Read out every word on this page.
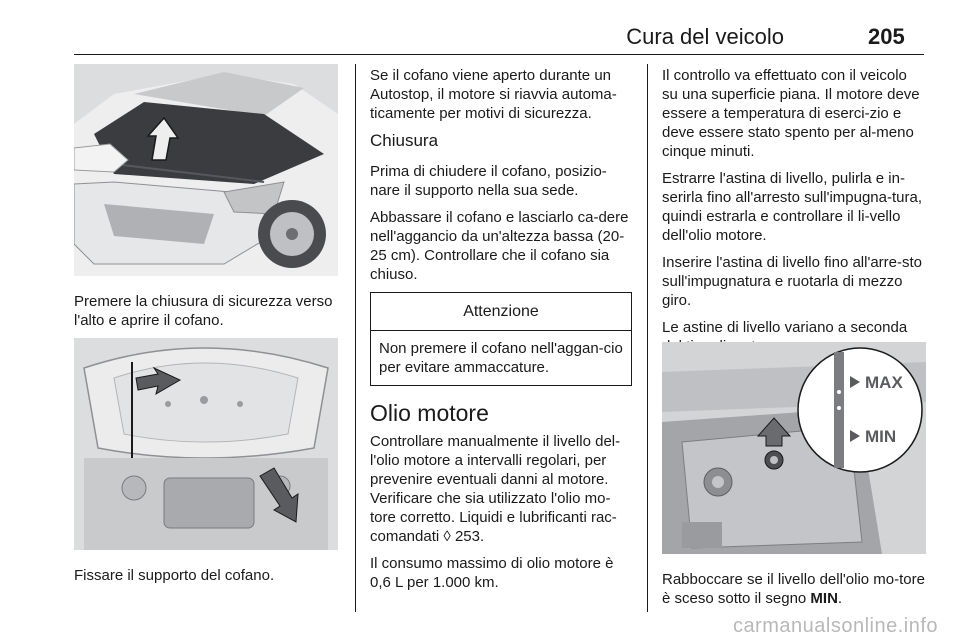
Cura del veicolo	205

Premere la chiusura di sicurezza verso l'alto e aprire il cofano.

Fissare il supporto del cofano.

Se il cofano viene aperto durante un Autostop, il motore si riavvia automa-ticamente per motivi di sicurezza.

Chiusura

Prima di chiudere il cofano, posizio-nare il supporto nella sua sede.

Abbassare il cofano e lasciarlo ca-dere nell'aggancio da un'altezza bassa (20-25 cm). Controllare che il cofano sia chiuso.

Attenzione
Non premere il cofano nell'aggan-cio per evitare ammaccature.
Olio motore

Controllare manualmente il livello del-l'olio motore a intervalli regolari, per prevenire eventuali danni al motore. Verificare che sia utilizzato l'olio mo-tore corretto. Liquidi e lubrificanti rac-comandati ◊ 253.

Il consumo massimo di olio motore è 0,6 L per 1.000 km.

Il controllo va effettuato con il veicolo su una superficie piana. Il motore deve essere a temperatura di eserci-zio e deve essere stato spento per al-meno cinque minuti.

Estrarre l'astina di livello, pulirla e in-serirla fino all'arresto sull'impugna-tura, quindi estrarla e controllare il li-vello dell'olio motore.

Inserire l'astina di livello fino all'arre-sto sull'impugnatura e ruotarla di mezzo giro.

Le astine di livello variano a seconda

MAX
MIN

Rabboccare se il livello dell'olio mo-tore è sceso sotto il segno MIN.

carmanualsonline.info
